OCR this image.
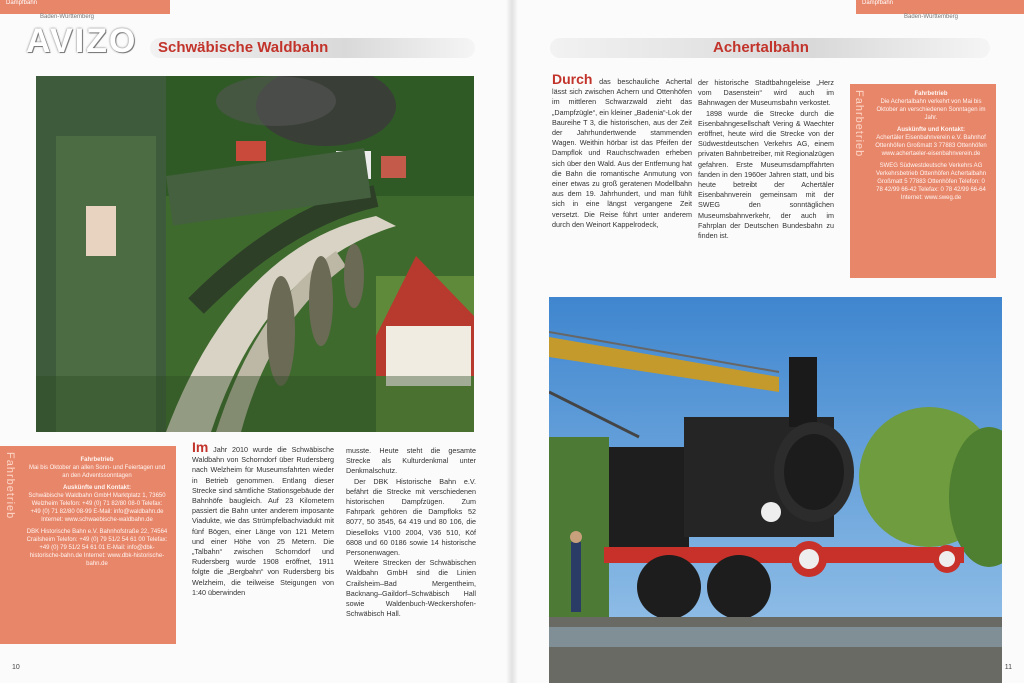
Dampfbahn
Baden-Württemberg
Schwäbische Waldbahn
Fahrbetrieb	Fahrbetrieb
Mai bis Oktober an allen Sonn- und Feiertagen und an den Adventssonntagen
Auskünfte und Kontakt:
Schwäbische Waldbahn GmbH Marktplatz 1, 73650 Welzheim Telefon: +49 (0) 71 82/80 08-0 Telefax: +49 (0) 71 82/80 08-99 E-Mail: info@waldbahn.de Internet: www.schwaebische-waldbahn.de
DBK Historische Bahn e.V. Bahnhofstraße 22, 74564 Crailsheim Telefon: +49 (0) 79 51/2 54 61 00 Telefax: +49 (0) 79 51/2 54 61 01 E-Mail: info@dbk-historische-bahn.de Internet: www.dbk-historische-bahn.de

Im Jahr 2010 wurde die Schwäbische Waldbahn von Schorndorf über Rudersberg nach Welzheim für Museumsfahrten wieder in Betrieb genommen. Entlang dieser Strecke sind sämtliche Stationsgebäude der Bahnhöfe baugleich. Auf 23 Kilometern passiert die Bahn unter anderem imposante Viadukte, wie das Strümpfelbachviadukt mit fünf Bögen, einer Länge von 121 Metern und einer Höhe von 25 Metern. Die „Talbahn“ zwischen Schorndorf und Rudersberg wurde 1908 eröffnet, 1911 folgte die „Bergbahn“ von Rudersberg bis Welzheim, die teilweise Steigungen von 1:40 überwinden

musste. Heute steht die gesamte Strecke als Kulturdenkmal unter Denkmalschutz.

Der DBK Historische Bahn e.V. befährt die Strecke mit verschiedenen historischen Dampfzügen. Zum Fahrpark gehören die Dampfloks 52 8077, 50 3545, 64 419 und 80 106, die Dieselloks V100 2004, V36 510, Köf 6808 und 60 0186 sowie 14 historische Personenwagen.

Weitere Strecken der Schwäbischen Waldbahn GmbH sind die Linien Crailsheim–Bad Mergentheim, Backnang–Gaildorf–Schwäbisch Hall sowie Waldenbuch-Weckershofen-Schwäbisch Hall.

10
AVIZO
Dampfbahn
Baden-Württemberg
Achertalbahn

Durch das beschauliche Achertal lässt sich zwischen Achern und Ottenhöfen im mittleren Schwarzwald zieht das „Dampfzügle“, ein kleiner „Badenia“-Lok der Baureihe T 3, die historischen, aus der Zeit der Jahrhundertwende stammenden Wagen. Weithin hörbar ist das Pfeifen der Dampflok und Rauchschwaden erheben sich über den Wald. Aus der Entfernung hat die Bahn die romantische Anmutung von einer etwas zu groß geratenen Modellbahn aus dem 19. Jahrhundert, und man fühlt sich in eine längst vergangene Zeit versetzt. Die Reise führt unter anderem durch den Weinort Kappelrodeck,

der historische Stadtbahngeleise „Herz vom Dasenstein“ wird auch im Bahnwagen der Museumsbahn verkostet.

1898 wurde die Strecke durch die Eisenbahngesellschaft Vering & Waechter eröffnet, heute wird die Strecke von der Südwestdeutschen Verkehrs AG, einem privaten Bahnbetreiber, mit Regionalzügen gefahren. Erste Museumsdampffahrten fanden in den 1960er Jahren statt, und bis heute betreibt der Achertäler Eisenbahnverein gemeinsam mit der SWEG den sonntäglichen Museumsbahnverkehr, der auch im Fahrplan der Deutschen Bundesbahn zu finden ist.

Fahrbetrieb	Fahrbetrieb
Die Achertalbahn verkehrt von Mai bis Oktober an verschiedenen Sonntagen im Jahr.
Auskünfte und Kontakt:
Achertäler Eisenbahnverein e.V. Bahnhof Ottenhöfen Großmatt 3 77883 Ottenhöfen www.achertaeler-eisenbahnverein.de
SWEG Südwestdeutsche Verkehrs AG Verkehrsbetrieb Ottenhöfen Achertalbahn Großmatt 5 77883 Ottenhöfen Telefon: 0 78 42/99 66-42 Telefax: 0 78 42/99 66-64 Internet: www.sweg.de
11
